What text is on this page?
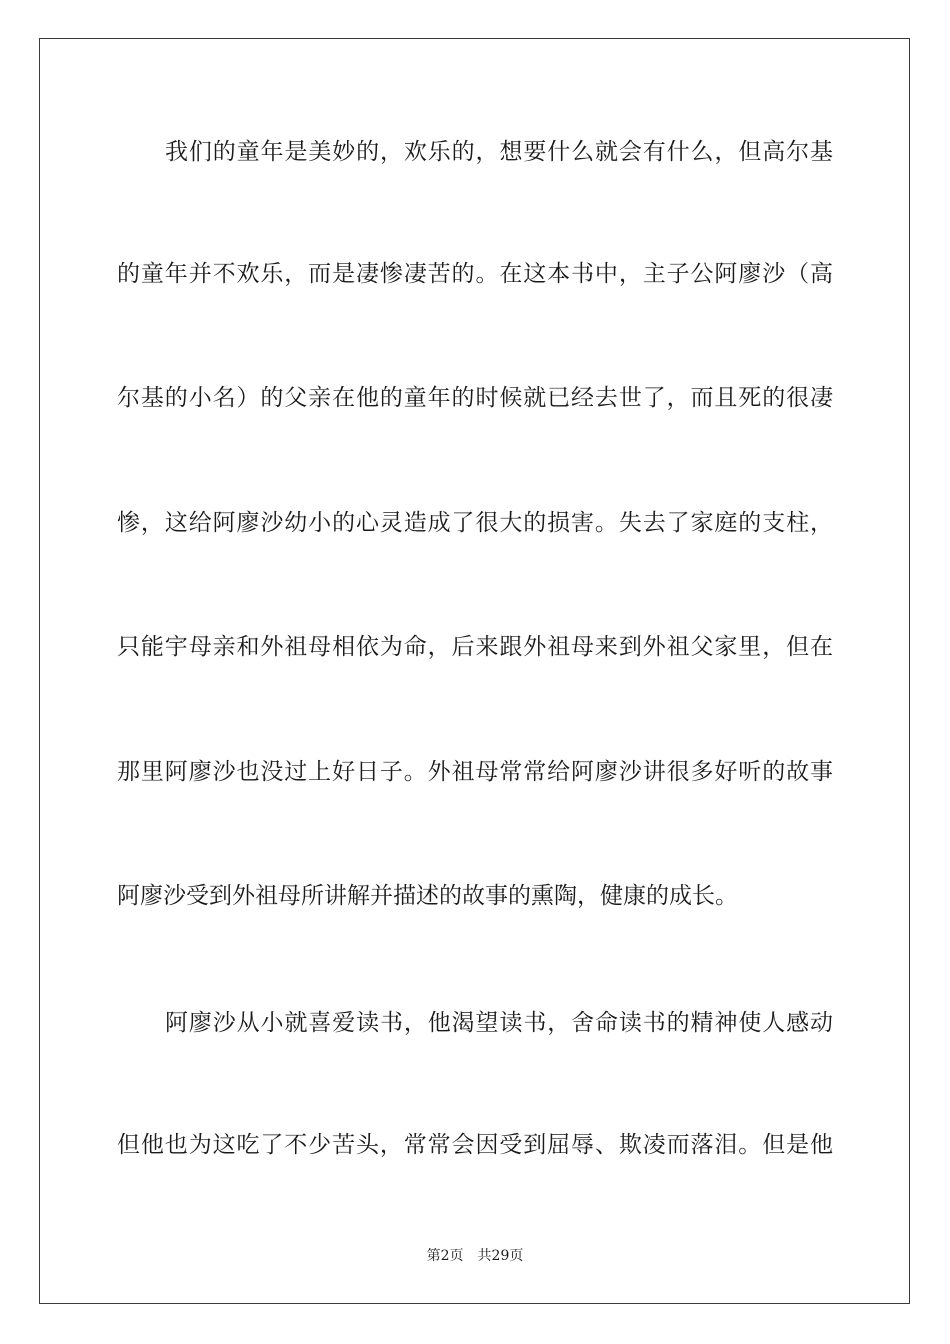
我们的童年是美妙的，欢乐的，想要什么就会有什么，但高尔基
的童年并不欢乐，而是凄惨凄苦的。在这本书中，主子公阿廖沙（高
尔基的小名）的父亲在他的童年的时候就已经去世了，而且死的很凄
惨，这给阿廖沙幼小的心灵造成了很大的损害。失去了家庭的支柱，
只能宇母亲和外祖母相依为命，后来跟外祖母来到外祖父家里，但在
那里阿廖沙也没过上好日子。外祖母常常给阿廖沙讲很多好听的故事
阿廖沙受到外祖母所讲解并描述的故事的熏陶，健康的成长。
阿廖沙从小就喜爱读书，他渴望读书，舍命读书的精神使人感动
但他也为这吃了不少苦头，常常会因受到屈辱、欺凌而落泪。但是他
第2页 共29页
